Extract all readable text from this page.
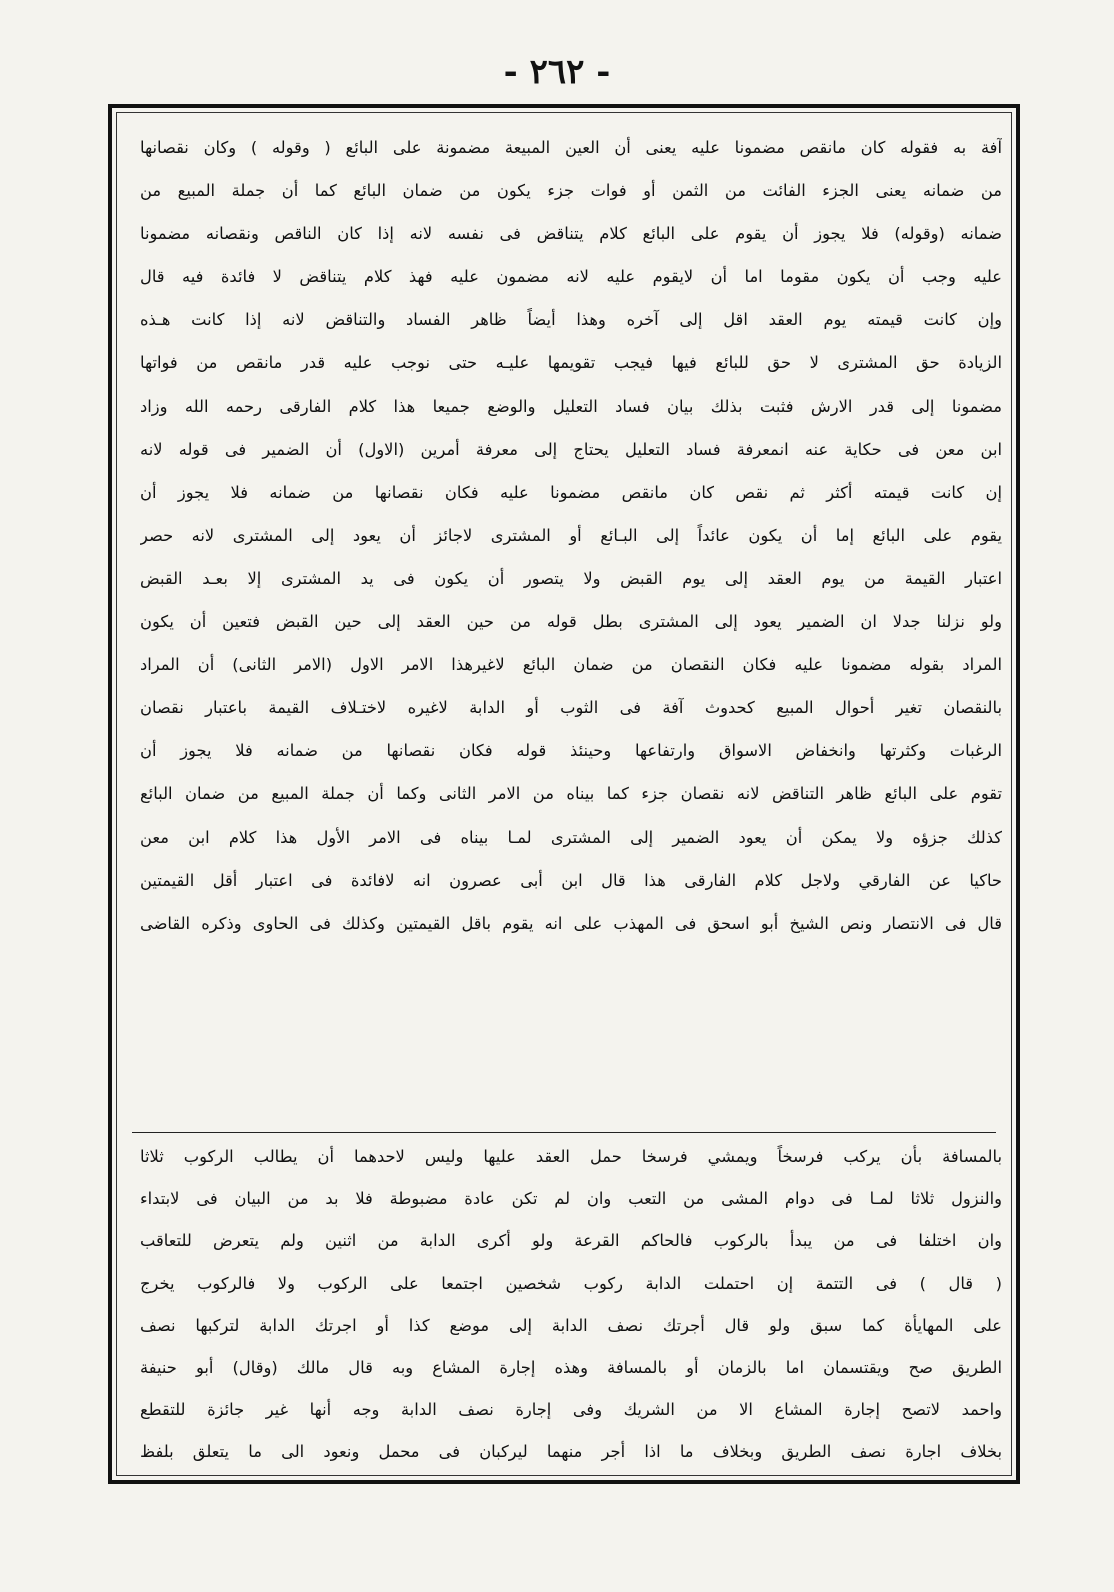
- ٢٦٢ -
آفة به فقوله كان مانقص مضمونا عليه يعنى أن العين المبيعة مضمونة على البائع ( وقوله ) وكان نقصانها
من ضمانه يعنى الجزء الفائت من الثمن أو فوات جزء يكون من ضمان البائع كما أن جملة المبيع من
ضمانه (وقوله) فلا يجوز أن يقوم على البائع كلام يتناقض فى نفسه لانه إذا كان الناقص ونقصانه مضمونا
عليه وجب أن يكون مقوما اما أن لايقوم عليه لانه مضمون عليه فهذ كلام يتناقض لا فائدة فيه قال
وإن كانت قيمته يوم العقد اقل إلى آخره وهذا أيضاً ظاهر الفساد والتناقض لانه إذا كانت هـذه
الزيادة حق المشترى لا حق للبائع فيها فيجب تقويمها عليـه حتى نوجب عليه قدر مانقص من فواتها
مضمونا إلى قدر الارش فثبت بذلك بيان فساد التعليل والوضع جميعا هذا كلام الفارقى رحمه الله وزاد
ابن معن فى حكاية عنه انمعرفة فساد التعليل يحتاج إلى معرفة أمرين (الاول) أن الضمير فى قوله لانه
إن كانت قيمته أكثر ثم نقص كان مانقص مضمونا عليه فكان نقصانها من ضمانه فلا يجوز أن
يقوم على البائع إما أن يكون عائداً إلى البـائع أو المشترى لاجائز أن يعود إلى المشترى لانه حصر
اعتبار القيمة من يوم العقد إلى يوم القبض ولا يتصور أن يكون فى يد المشترى إلا بعـد القبض
ولو نزلنا جدلا ان الضمير يعود إلى المشترى بطل قوله من حين العقد إلى حين القبض فتعين أن يكون
المراد بقوله مضمونا عليه فكان النقصان من ضمان البائع لاغيرهذا الامر الاول (الامر الثانى) أن المراد
بالنقصان تغير أحوال المبيع كحدوث آفة فى الثوب أو الدابة لاغيره لاختـلاف القيمة باعتبار نقصان
الرغبات وكثرتها وانخفاض الاسواق وارتفاعها وحينئذ قوله فكان نقصانها من ضمانه فلا يجوز أن
تقوم على البائع ظاهر التناقض لانه نقصان جزء كما بيناه من الامر الثانى وكما أن جملة المبيع من ضمان البائع
كذلك جزؤه ولا يمكن أن يعود الضمير إلى المشترى لمـا بيناه فى الامر الأول هذا كلام ابن معن
حاكيا عن الفارقي ولاجل كلام الفارقى هذا قال ابن أبى عصرون انه لافائدة فى اعتبار أقل القيمتين
قال فى الانتصار ونص الشيخ أبو اسحق فى المهذب على انه يقوم باقل القيمتين وكذلك فى الحاوى وذكره القاضى
بالمسافة بأن يركب فرسخاً ويمشي فرسخا حمل العقد عليها وليس لاحدهما أن يطالب الركوب ثلاثا
والنزول ثلاثا لمـا فى دوام المشى من التعب وان لم تكن عادة مضبوطة فلا بد من البيان فى لابتداء
وان اختلفا فى من يبدأ بالركوب فالحاكم القرعة ولو أكرى الدابة من اثنين ولم يتعرض للتعاقب
( قال ) فى التتمة إن احتملت الدابة ركوب شخصين اجتمعا على الركوب ولا فالركوب يخرج
على المهايأة كما سبق ولو قال أجرتك نصف الدابة إلى موضع كذا أو اجرتك الدابة لتركبها نصف
الطريق صح ويقتسمان اما بالزمان أو بالمسافة وهذه إجارة المشاع وبه قال مالك (وقال) أبو حنيفة
واحمد لاتصح إجارة المشاع الا من الشريك وفى إجارة نصف الدابة وجه أنها غير جائزة للتقطع
بخلاف اجارة نصف الطريق وبخلاف ما اذا أجر منهما ليركبان فى محمل ونعود الى ما يتعلق بلفظ
